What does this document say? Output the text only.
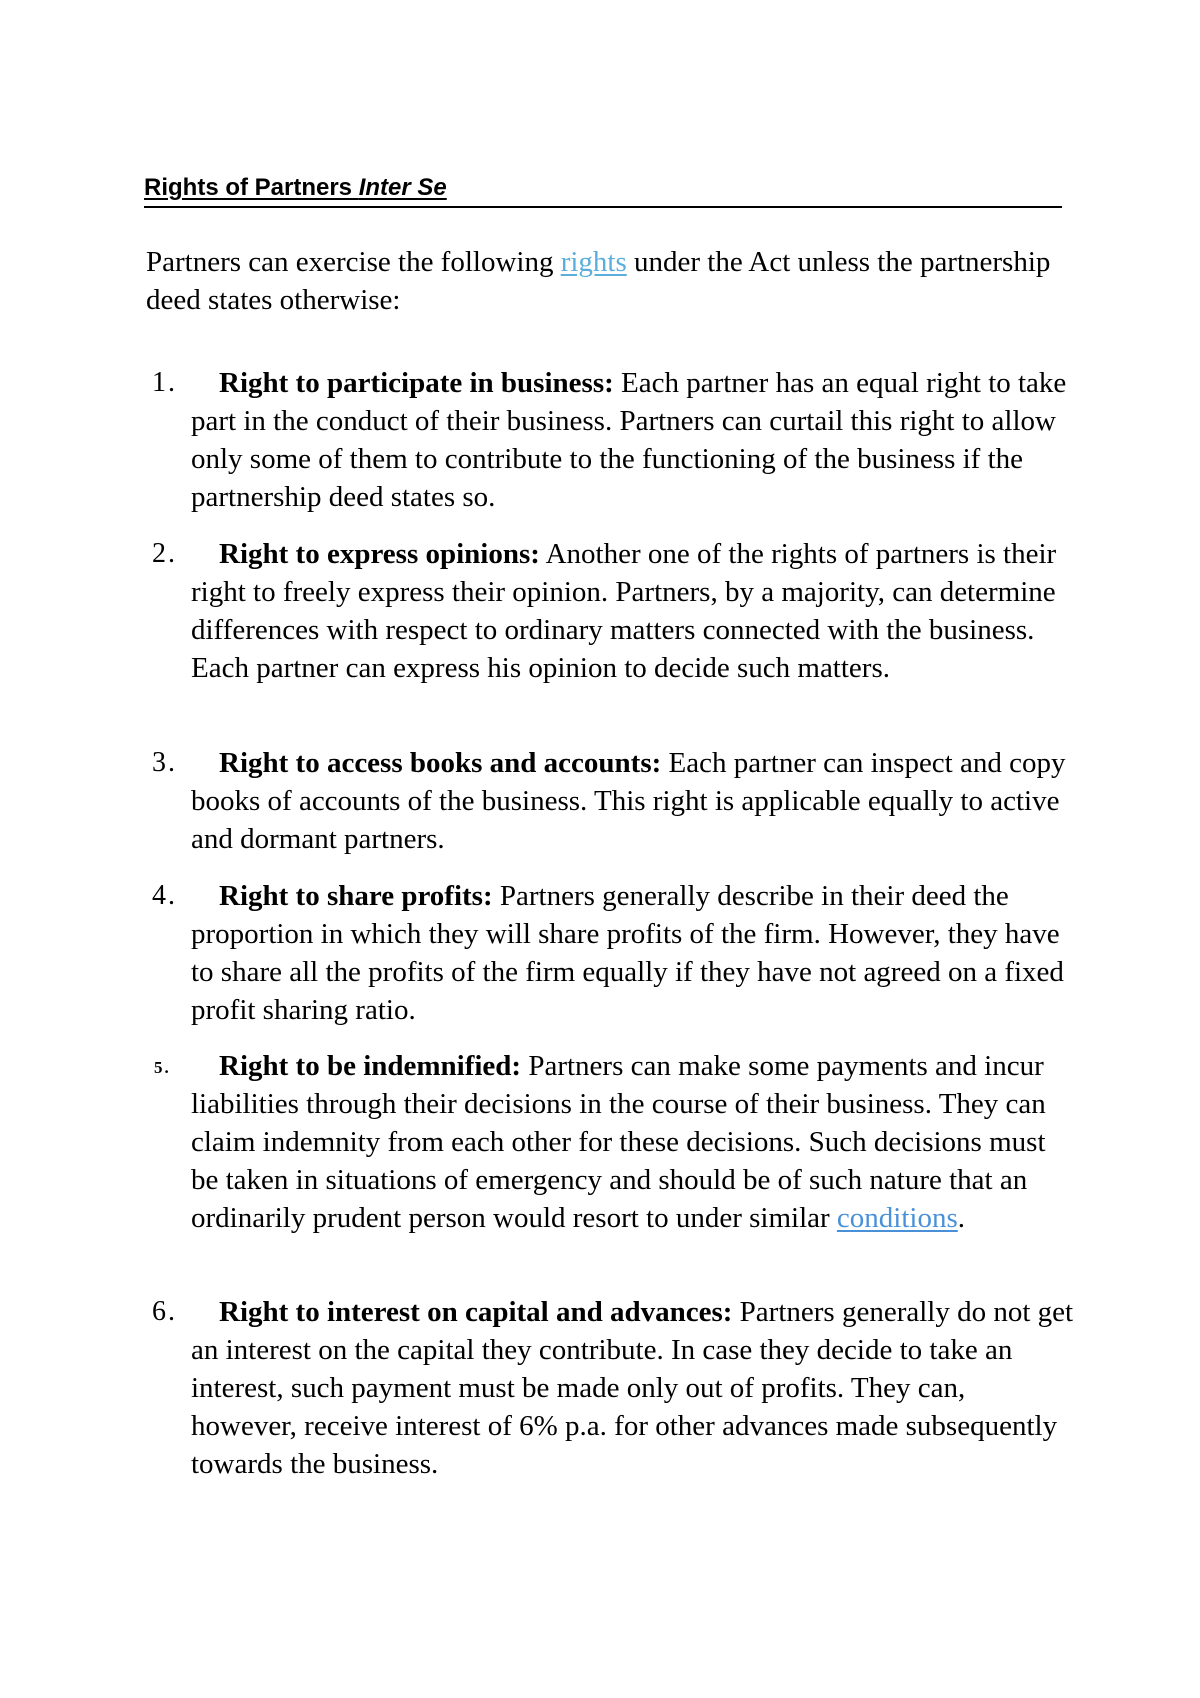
Rights of Partners Inter Se
Partners can exercise the following rights under the Act unless the partnership deed states otherwise:
1.	Right to participate in business: Each partner has an equal right to take part in the conduct of their business. Partners can curtail this right to allow only some of them to contribute to the functioning of the business if the partnership deed states so.
2.	Right to express opinions: Another one of the rights of partners is their right to freely express their opinion. Partners, by a majority, can determine differences with respect to ordinary matters connected with the business. Each partner can express his opinion to decide such matters.
3.	Right to access books and accounts: Each partner can inspect and copy books of accounts of the business. This right is applicable equally to active and dormant partners.
4.	Right to share profits: Partners generally describe in their deed the proportion in which they will share profits of the firm. However, they have to share all the profits of the firm equally if they have not agreed on a fixed profit sharing ratio.
5.	Right to be indemnified: Partners can make some payments and incur liabilities through their decisions in the course of their business. They can claim indemnity from each other for these decisions. Such decisions must be taken in situations of emergency and should be of such nature that an ordinarily prudent person would resort to under similar conditions.
6.	Right to interest on capital and advances: Partners generally do not get an interest on the capital they contribute. In case they decide to take an interest, such payment must be made only out of profits. They can, however, receive interest of 6% p.a. for other advances made subsequently towards the business.
